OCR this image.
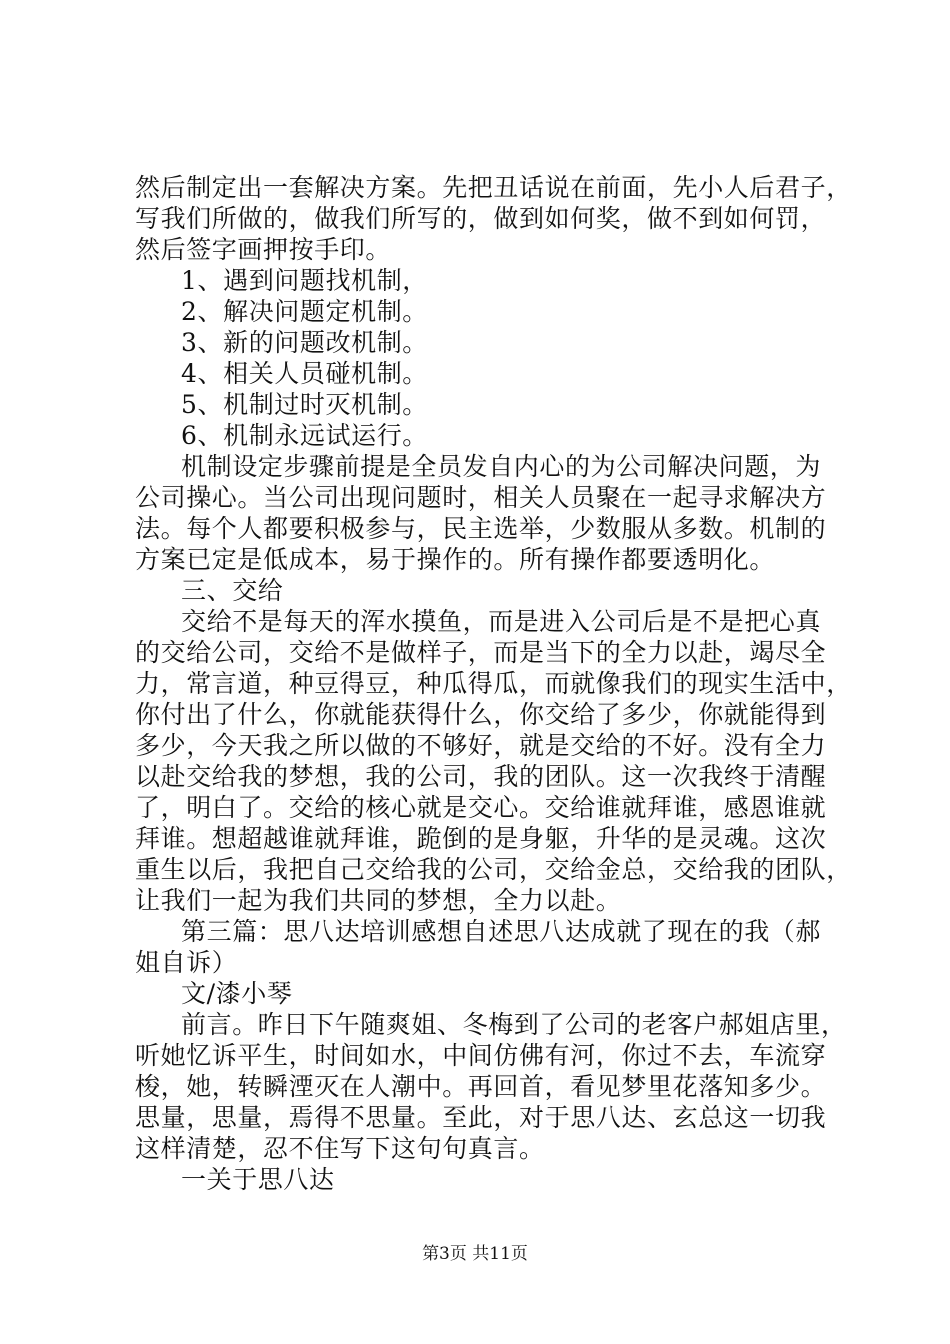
然后制定出一套解决方案。先把丑话说在前面，先小人后君子，
写我们所做的，做我们所写的，做到如何奖，做不到如何罚，
然后签字画押按手印。
1、遇到问题找机制，
2、解决问题定机制。
3、新的问题改机制。
4、相关人员碰机制。
5、机制过时灭机制。
6、机制永远试运行。
机制设定步骤前提是全员发自内心的为公司解决问题，为
公司操心。当公司出现问题时，相关人员聚在一起寻求解决方
法。每个人都要积极参与，民主选举，少数服从多数。机制的
方案已定是低成本，易于操作的。所有操作都要透明化。
三、交给
交给不是每天的浑水摸鱼，而是进入公司后是不是把心真
的交给公司，交给不是做样子，而是当下的全力以赴，竭尽全
力，常言道，种豆得豆，种瓜得瓜，而就像我们的现实生活中，
你付出了什么，你就能获得什么，你交给了多少，你就能得到
多少，今天我之所以做的不够好，就是交给的不好。没有全力
以赴交给我的梦想，我的公司，我的团队。这一次我终于清醒
了，明白了。交给的核心就是交心。交给谁就拜谁，感恩谁就
拜谁。想超越谁就拜谁，跪倒的是身躯，升华的是灵魂。这次
重生以后，我把自己交给我的公司，交给金总，交给我的团队，
让我们一起为我们共同的梦想，全力以赴。
第三篇：思八达培训感想自述思八达成就了现在的我（郝
姐自诉）
文/漆小琴
前言。昨日下午随爽姐、冬梅到了公司的老客户郝姐店里，
听她忆诉平生，时间如水，中间仿佛有河，你过不去，车流穿
梭，她，转瞬湮灭在人潮中。再回首，看见梦里花落知多少。
思量，思量，焉得不思量。至此，对于思八达、玄总这一切我
这样清楚，忍不住写下这句句真言。
一关于思八达
第3页 共11页
